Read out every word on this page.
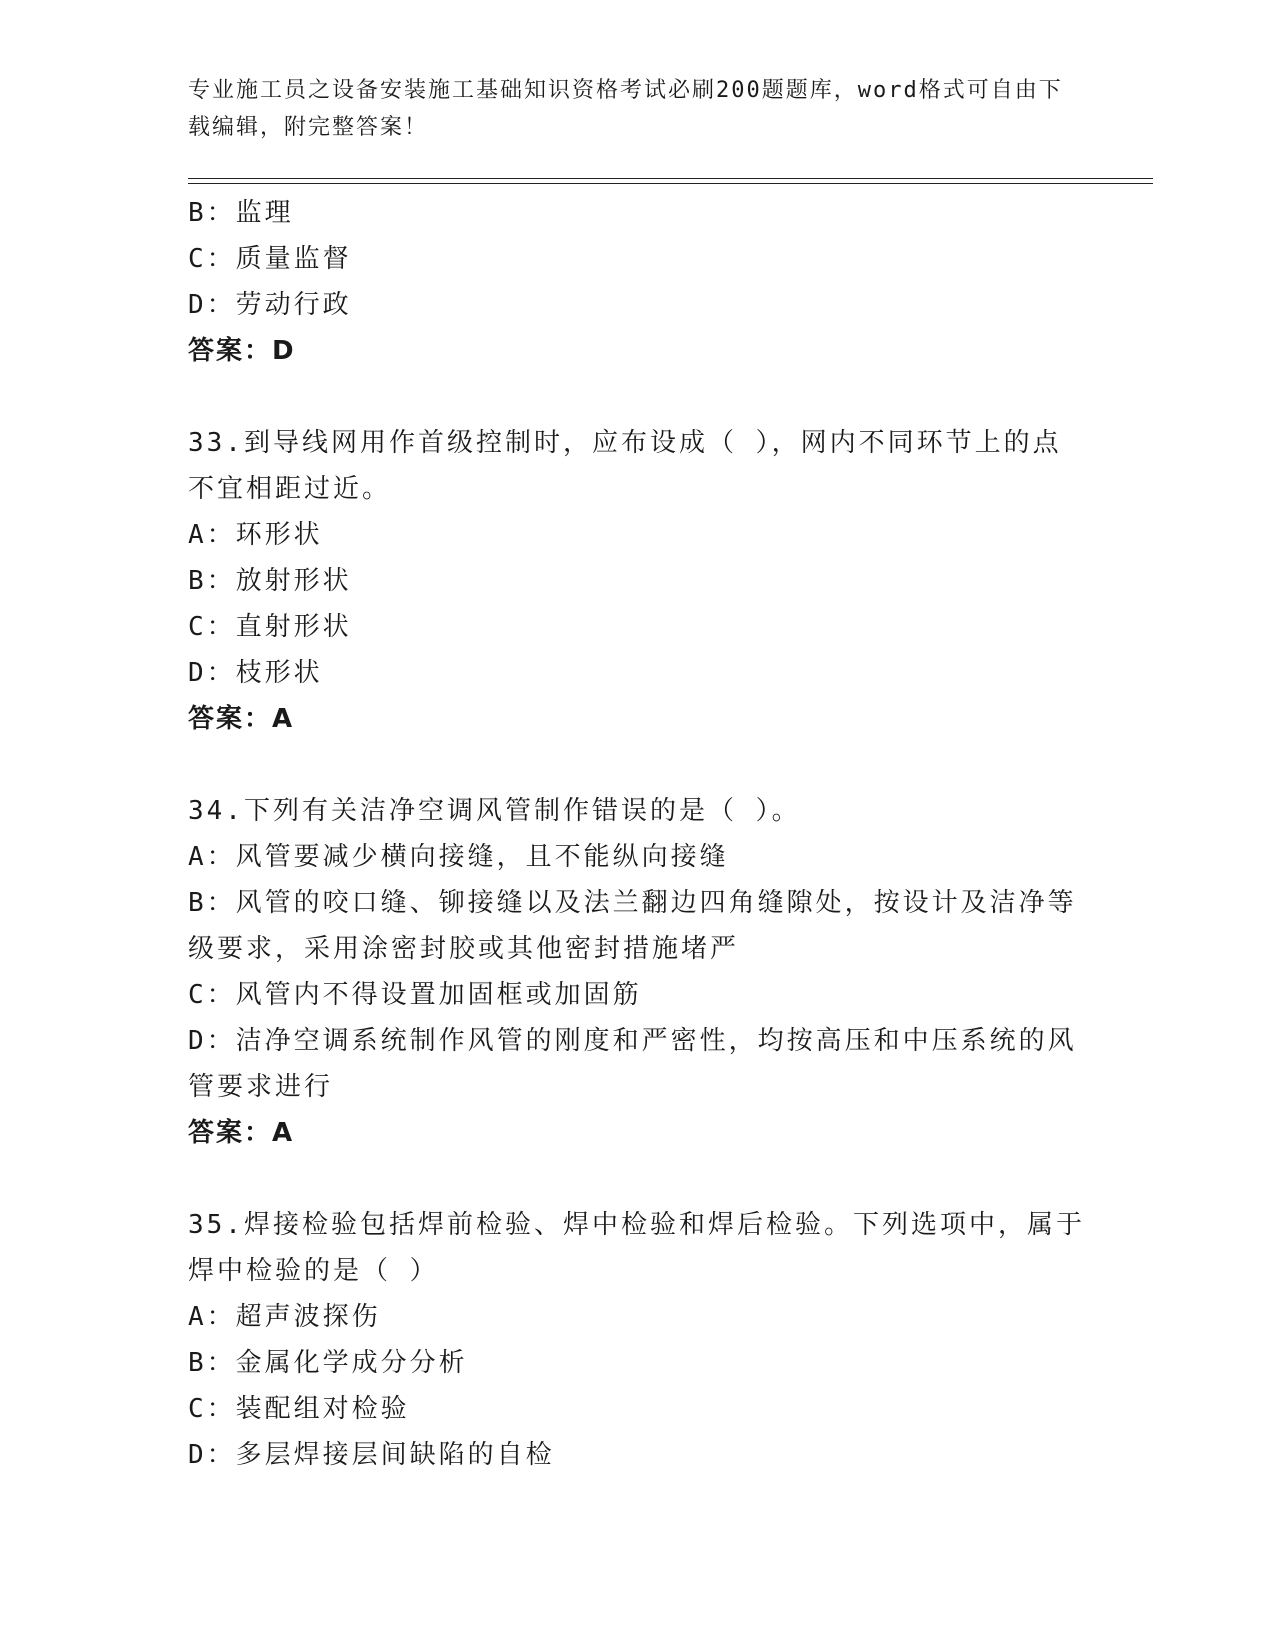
专业施工员之设备安装施工基础知识资格考试必刷200题题库，word格式可自由下载编辑，附完整答案！
B：监理
C：质量监督
D：劳动行政
答案：D
33.到导线网用作首级控制时，应布设成（ ），网内不同环节上的点不宜相距过近。
A：环形状
B：放射形状
C：直射形状
D：枝形状
答案：A
34.下列有关洁净空调风管制作错误的是（ ）。
A：风管要减少横向接缝，且不能纵向接缝
B：风管的咬口缝、铆接缝以及法兰翻边四角缝隙处，按设计及洁净等级要求，采用涂密封胶或其他密封措施堵严
C：风管内不得设置加固框或加固筋
D：洁净空调系统制作风管的刚度和严密性，均按高压和中压系统的风管要求进行
答案：A
35.焊接检验包括焊前检验、焊中检验和焊后检验。下列选项中，属于焊中检验的是（ ）
A：超声波探伤
B：金属化学成分分析
C：装配组对检验
D：多层焊接层间缺陷的自检
